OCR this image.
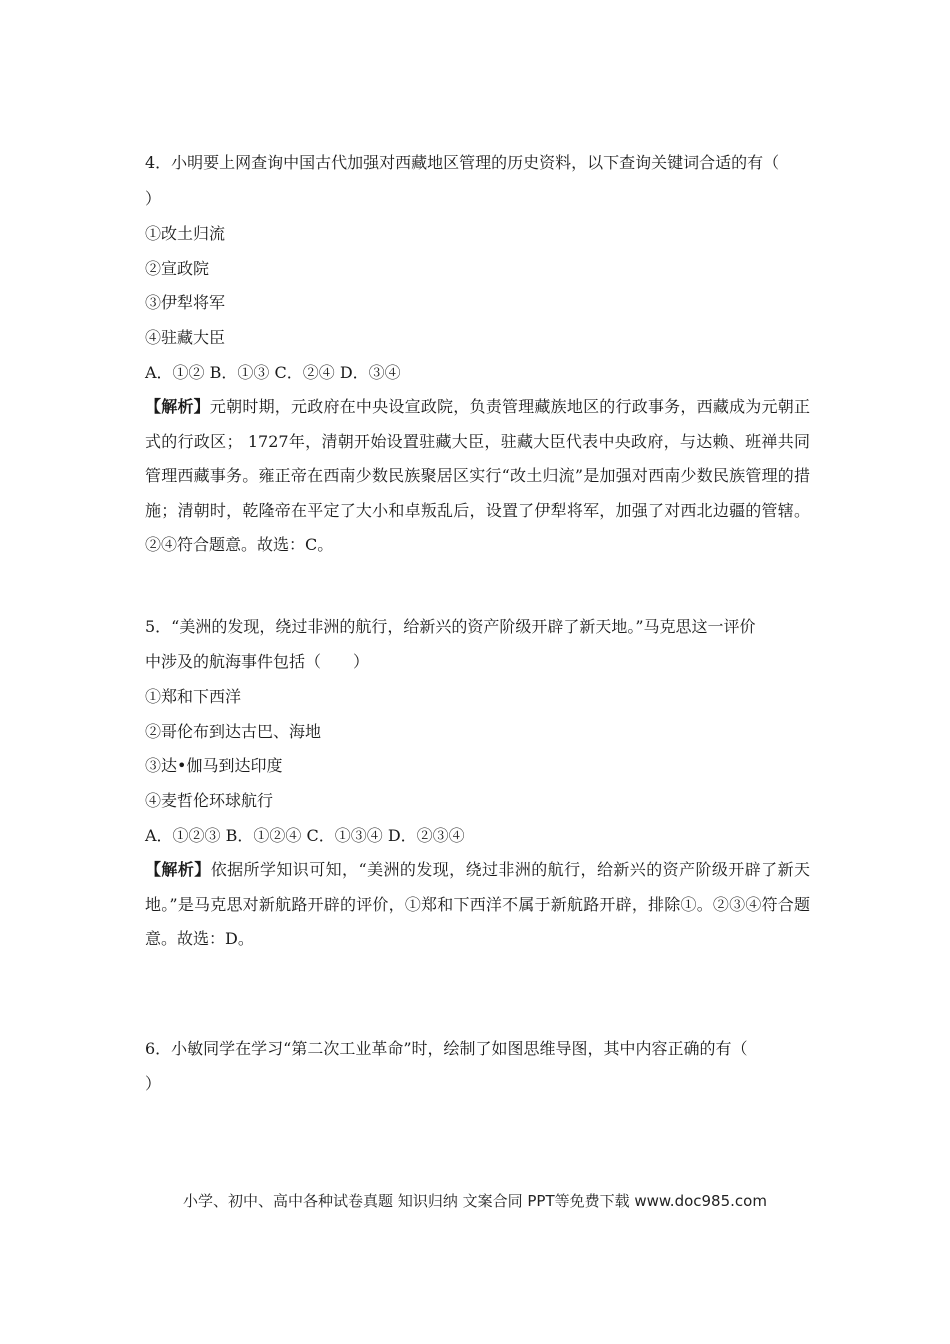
4．小明要上网查询中国古代加强对西藏地区管理的历史资料，以下查询关键词合适的有（
）
①改土归流
②宣政院
③伊犁将军
④驻藏大臣
A．①② B．①③ C．②④ D．③④
【解析】元朝时期，元政府在中央设宣政院，负责管理藏族地区的行政事务，西藏成为元朝正式的行政区； 1727年，清朝开始设置驻藏大臣，驻藏大臣代表中央政府，与达赖、班禅共同管理西藏事务。雍正帝在西南少数民族聚居区实行“改土归流”是加强对西南少数民族管理的措施；清朝时，乾隆帝在平定了大小和卓叛乱后，设置了伊犁将军，加强了对西北边疆的管辖。②④符合题意。故选：C。
5．“美洲的发现，绕过非洲的航行，给新兴的资产阶级开辟了新天地。”马克思这一评价
中涉及的航海事件包括（　　）
①郑和下西洋
②哥伦布到达古巴、海地
③达•伽马到达印度
④麦哲伦环球航行
A．①②③ B．①②④ C．①③④ D．②③④
【解析】依据所学知识可知，“美洲的发现，绕过非洲的航行，给新兴的资产阶级开辟了新天地。”是马克思对新航路开辟的评价，①郑和下西洋不属于新航路开辟，排除①。②③④符合题意。故选：D。
6．小敏同学在学习“第二次工业革命”时，绘制了如图思维导图，其中内容正确的有（
）
小学、初中、高中各种试卷真题 知识归纳 文案合同 PPT等免费下载 www.doc985.com
